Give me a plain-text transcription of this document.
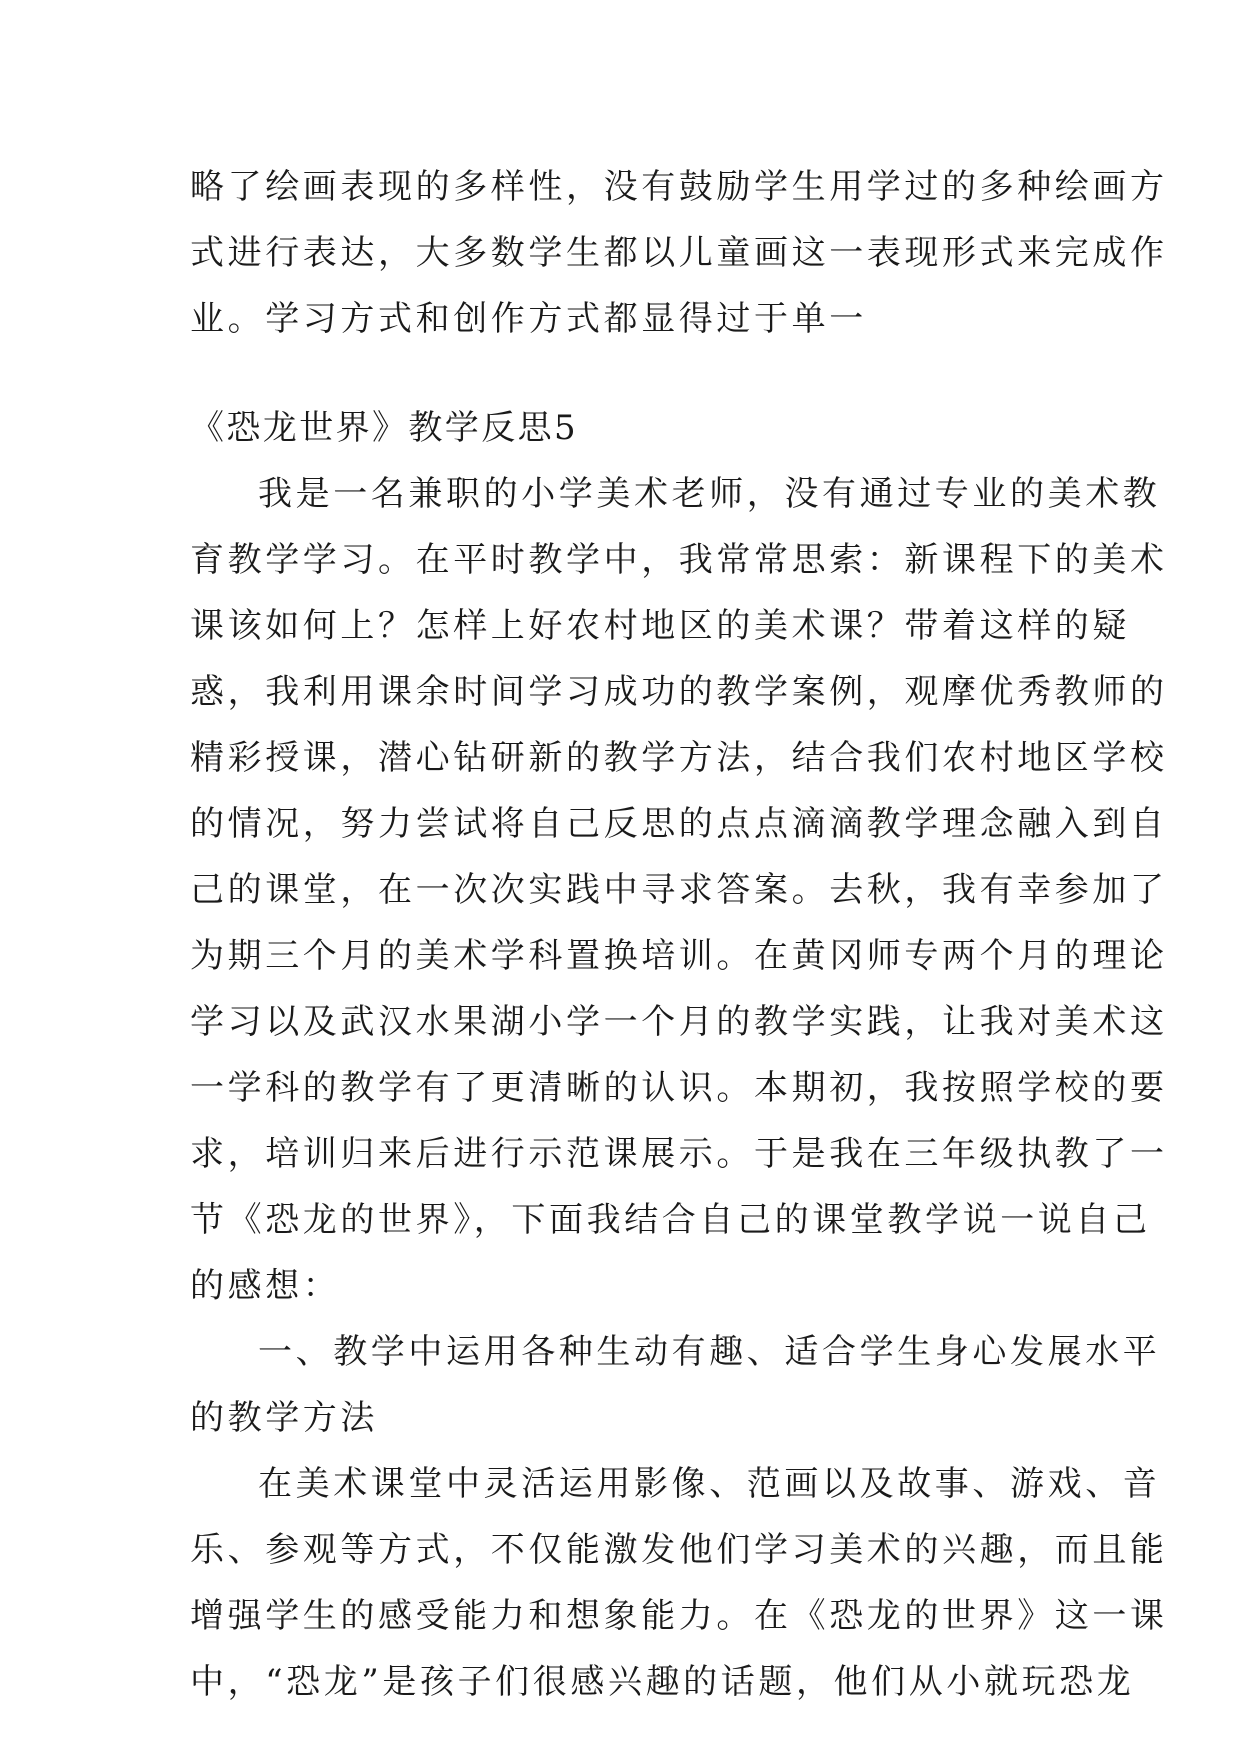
略了绘画表现的多样性，没有鼓励学生用学过的多种绘画方
式进行表达，大多数学生都以儿童画这一表现形式来完成作
业。学习方式和创作方式都显得过于单一
《恐龙世界》教学反思5
我是一名兼职的小学美术老师，没有通过专业的美术教
育教学学习。在平时教学中，我常常思索：新课程下的美术
课该如何上？怎样上好农村地区的美术课？带着这样的疑
惑，我利用课余时间学习成功的教学案例，观摩优秀教师的
精彩授课，潜心钻研新的教学方法，结合我们农村地区学校
的情况，努力尝试将自己反思的点点滴滴教学理念融入到自
己的课堂，在一次次实践中寻求答案。去秋，我有幸参加了
为期三个月的美术学科置换培训。在黄冈师专两个月的理论
学习以及武汉水果湖小学一个月的教学实践，让我对美术这
一学科的教学有了更清晰的认识。本期初，我按照学校的要
求，培训归来后进行示范课展示。于是我在三年级执教了一
节《恐龙的世界》，下面我结合自己的课堂教学说一说自己
的感想：
一、教学中运用各种生动有趣、适合学生身心发展水平
的教学方法
在美术课堂中灵活运用影像、范画以及故事、游戏、音
乐、参观等方式，不仅能激发他们学习美术的兴趣，而且能
增强学生的感受能力和想象能力。在《恐龙的世界》这一课
中，“恐龙”是孩子们很感兴趣的话题，他们从小就玩恐龙
